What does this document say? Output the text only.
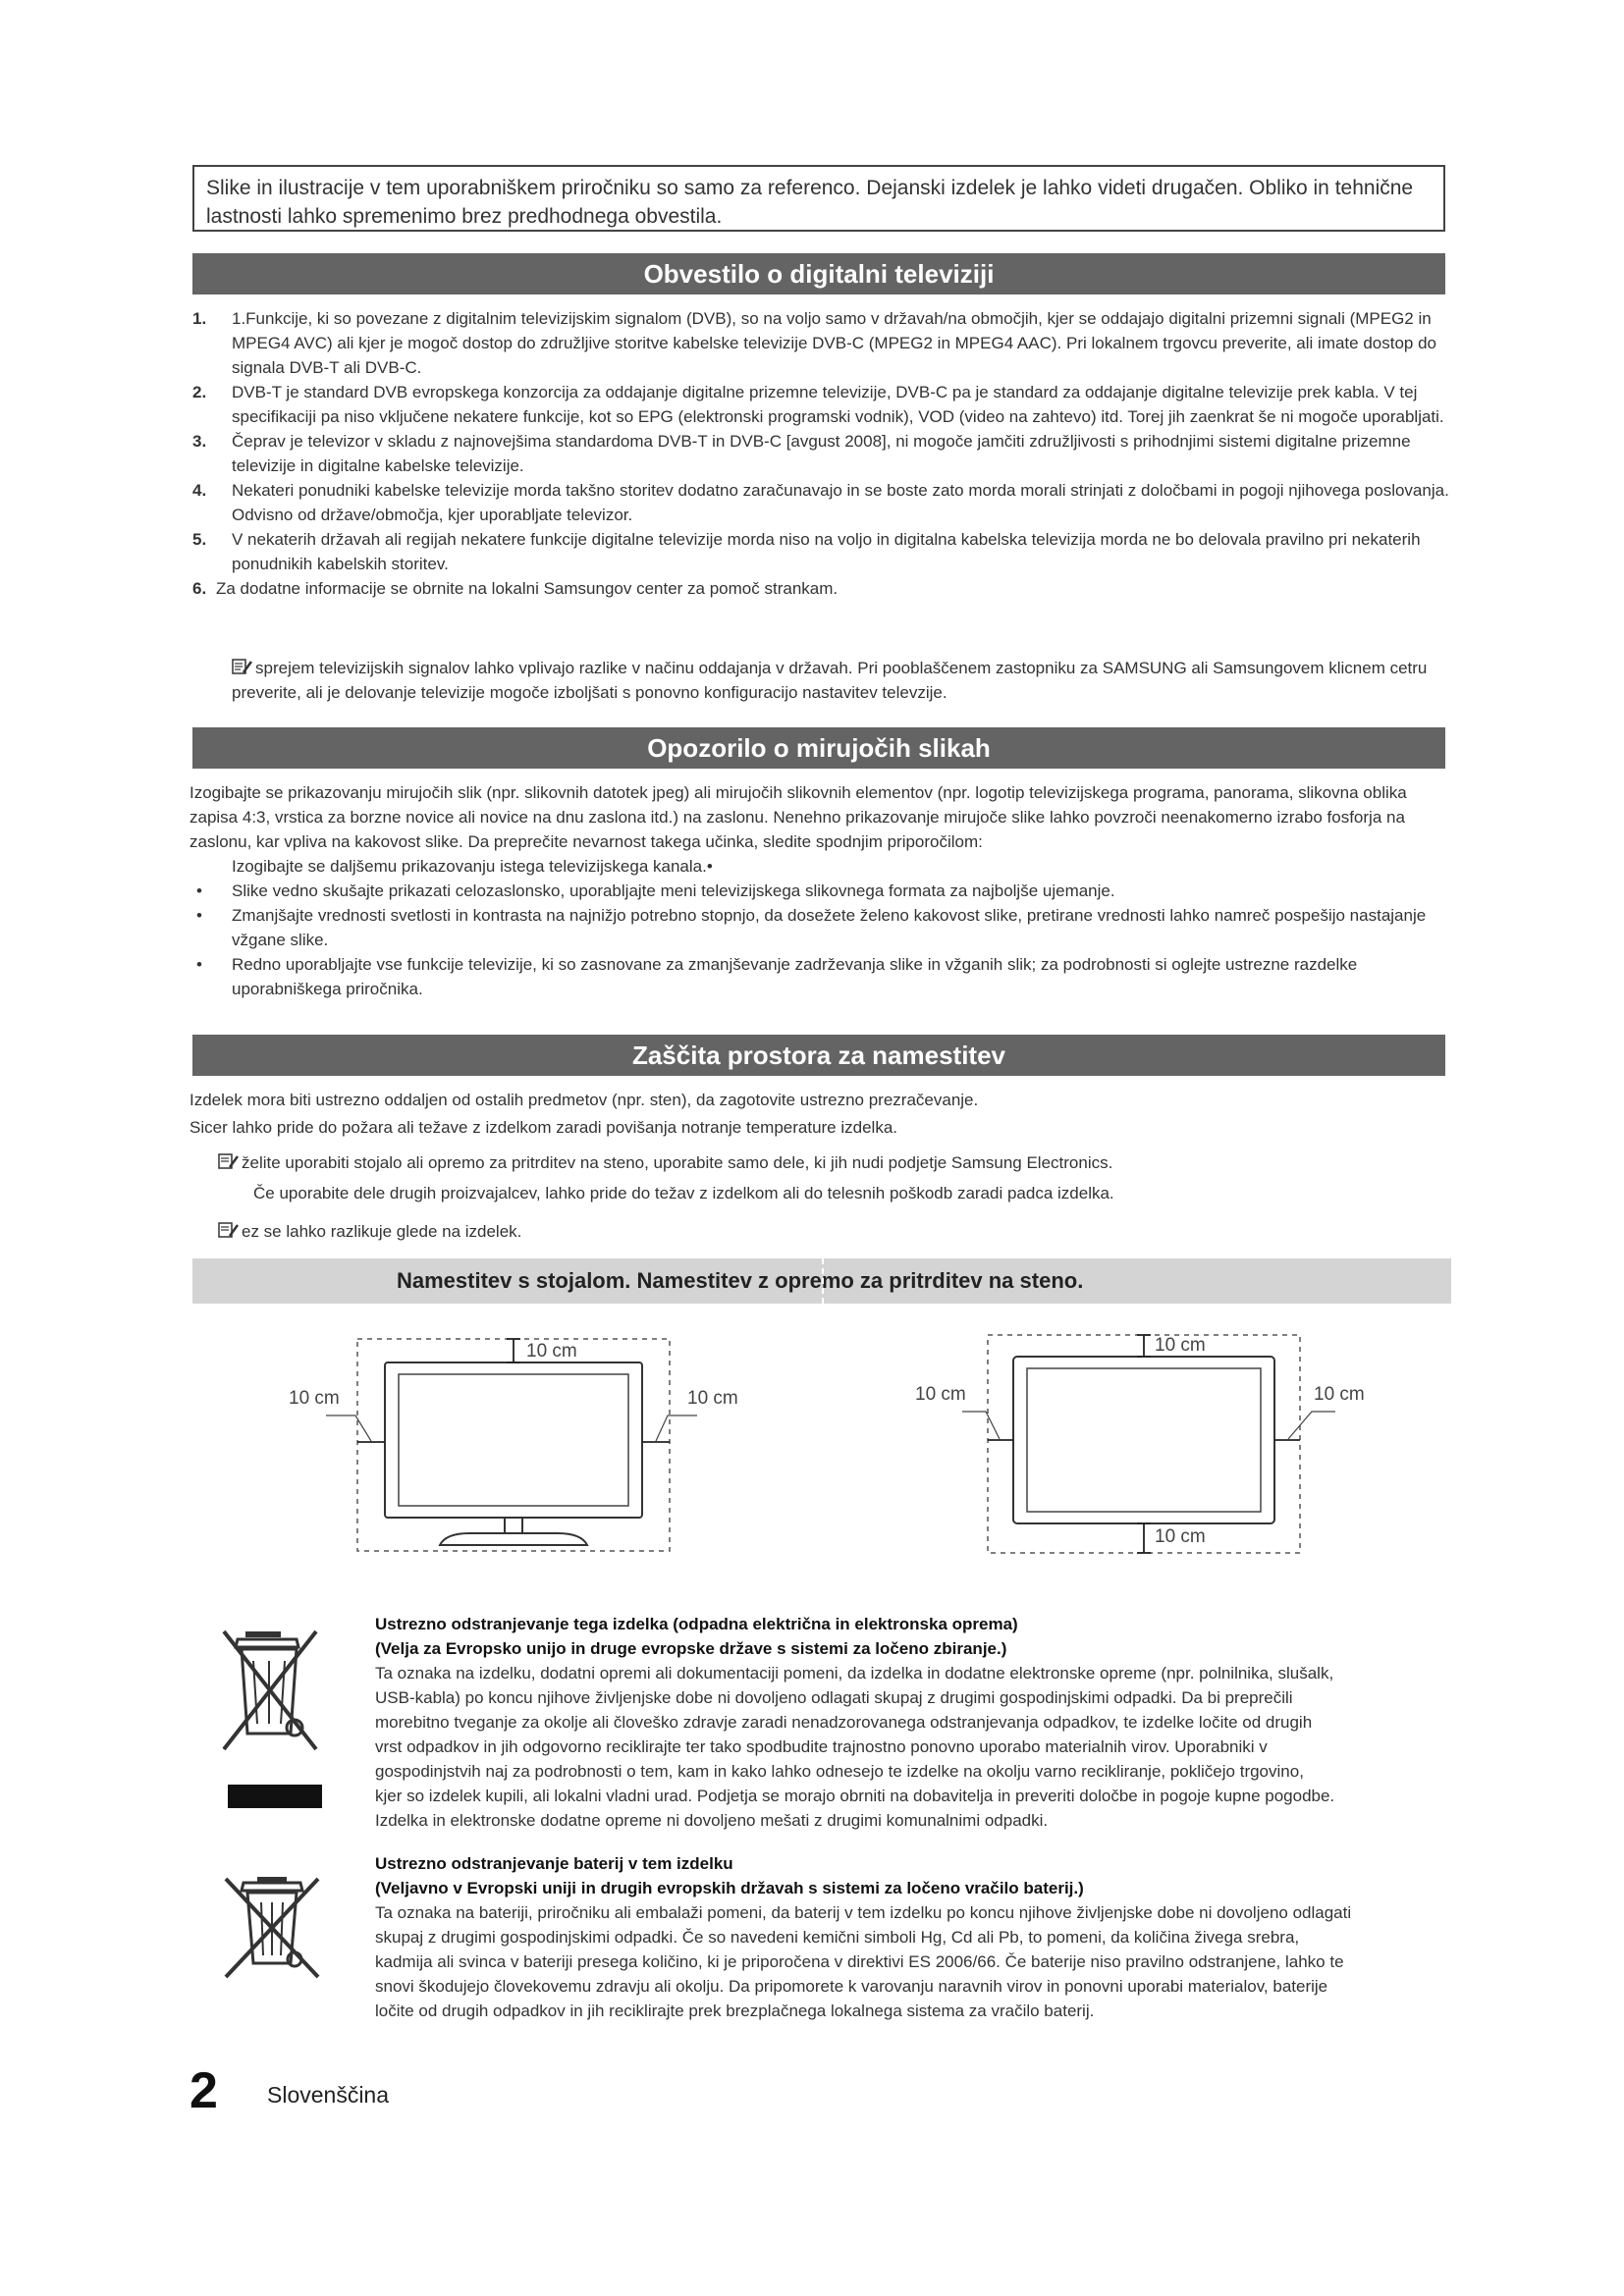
Slike in ilustracije v tem uporabniškem priročniku so samo za referenco. Dejanski izdelek je lahko videti drugačen. Obliko in tehnične lastnosti lahko spremenimo brez predhodnega obvestila.
Obvestilo o digitalni televiziji
1. 1.Funkcije, ki so povezane z digitalnim televizijskim signalom (DVB), so na voljo samo v državah/na območjih, kjer se oddajajo digitalni prizemni signali (MPEG2 in MPEG4 AVC) ali kjer je mogoč dostop do združljive storitve kabelske televizije DVB-C (MPEG2 in MPEG4 AAC). Pri lokalnem trgovcu preverite, ali imate dostop do signala DVB-T ali DVB-C.
2. DVB-T je standard DVB evropskega konzorcija za oddajanje digitalne prizemne televizije, DVB-C pa je standard za oddajanje digitalne televizije prek kabla. V tej specifikaciji pa niso vključene nekatere funkcije, kot so EPG (elektronski programski vodnik), VOD (video na zahtevo) itd. Torej jih zaenkrat še ni mogoče uporabljati.
3. Čeprav je televizor v skladu z najnovejšima standardoma DVB-T in DVB-C [avgust 2008], ni mogoče jamčiti združljivosti s prihodnjimi sistemi digitalne prizemne televizije in digitalne kabelske televizije.
4. Nekateri ponudniki kabelske televizije morda takšno storitev dodatno zaračunavajo in se boste zato morda morali strinjati z določbami in pogoji njihovega poslovanja. Odvisno od države/območja, kjer uporabljate televizor.
5. V nekaterih državah ali regijah nekatere funkcije digitalne televizije morda niso na voljo in digitalna kabelska televizija morda ne bo delovala pravilno pri nekaterih ponudnikih kabelskih storitev.
6. Za dodatne informacije se obrnite na lokalni Samsungov center za pomoč strankam.
sprejem televizijskih signalov lahko vplivajo razlike v načinu oddajanja v državah. Pri pooblaščenem zastopniku za SAMSUNG ali Samsungovem klicnem cetru preverite, ali je delovanje televizije mogoče izboljšati s ponovno konfiguracijo nastavitev televzije.
Opozorilo o mirujočih slikah
Izogibajte se prikazovanju mirujočih slik (npr. slikovnih datotek jpeg) ali mirujočih slikovnih elementov (npr. logotip televizijskega programa, panorama, slikovna oblika zapisa 4:3, vrstica za borzne novice ali novice na dnu zaslona itd.) na zaslonu. Nenehno prikazovanje mirujoče slike lahko povzroči neenakomerno izrabo fosforja na zaslonu, kar vpliva na kakovost slike. Da preprečite nevarnost takega učinka, sledite spodnjim priporočilom:
Izogibajte se daljšemu prikazovanju istega televizijskega kanala.•
• Slike vedno skušajte prikazati celozaslonsko, uporabljajte meni televizijskega slikovnega formata za najboljše ujemanje.
• Zmanjšajte vrednosti svetlosti in kontrasta na najnižjo potrebno stopnjo, da dosežete želeno kakovost slike, pretirane vrednosti lahko namreč pospešijo nastajanje vžgane slike.
• Redno uporabljajte vse funkcije televizije, ki so zasnovane za zmanjševanje zadrževanja slike in vžganih slik; za podrobnosti si oglejte ustrezne razdelke uporabniškega priročnika.
Zaščita prostora za namestitev
Izdelek mora biti ustrezno oddaljen od ostalih predmetov (npr. sten), da zagotovite ustrezno prezračevanje.
Sicer lahko pride do požara ali težave z izdelkom zaradi povišanja notranje temperature izdelka.
želite uporabiti stojalo ali opremo za pritrditev na steno, uporabite samo dele, ki jih nudi podjetje Samsung Electronics.
Če uporabite dele drugih proizvajalcev, lahko pride do težav z izdelkom ali do telesnih poškodb zaradi padca izdelka.
ez se lahko razlikuje glede na izdelek.
Namestitev s stojalom. Namestitev z opremo za pritrditev na steno.
10 cm
10 cm	10 cm
10 cm
10 cm	10 cm
10 cm
Ustrezno odstranjevanje tega izdelka (odpadna električna in elektronska oprema)
(Velja za Evropsko unijo in druge evropske države s sistemi za ločeno zbiranje.)
Ta oznaka na izdelku, dodatni opremi ali dokumentaciji pomeni, da izdelka in dodatne elektronske opreme (npr. polnilnika, slušalk,
USB-kabla) po koncu njihove življenjske dobe ni dovoljeno odlagati skupaj z drugimi gospodinjskimi odpadki. Da bi preprečili
morebitno tveganje za okolje ali človeško zdravje zaradi nenadzorovanega odstranjevanja odpadkov, te izdelke ločite od drugih
vrst odpadkov in jih odgovorno reciklirajte ter tako spodbudite trajnostno ponovno uporabo materialnih virov. Uporabniki v
gospodinjstvih naj za podrobnosti o tem, kam in kako lahko odnesejo te izdelke na okolju varno recikliranje, pokličejo trgovino,
kjer so izdelek kupili, ali lokalni vladni urad. Podjetja se morajo obrniti na dobavitelja in preveriti določbe in pogoje kupne pogodbe.
Izdelka in elektronske dodatne opreme ni dovoljeno mešati z drugimi komunalnimi odpadki.
Ustrezno odstranjevanje baterij v tem izdelku
(Veljavno v Evropski uniji in drugih evropskih državah s sistemi za ločeno vračilo baterij.)
Ta oznaka na bateriji, priročniku ali embalaži pomeni, da baterij v tem izdelku po koncu njihove življenjske dobe ni dovoljeno odlagati
skupaj z drugimi gospodinjskimi odpadki. Če so navedeni kemični simboli Hg, Cd ali Pb, to pomeni, da količina živega srebra,
kadmija ali svinca v bateriji presega količino, ki je priporočena v direktivi ES 2006/66. Če baterije niso pravilno odstranjene, lahko te
snovi škodujejo človekovemu zdravju ali okolju. Da pripomorete k varovanju naravnih virov in ponovni uporabi materialov, baterije
ločite od drugih odpadkov in jih reciklirajte prek brezplačnega lokalnega sistema za vračilo baterij.
2 Slovenščina
